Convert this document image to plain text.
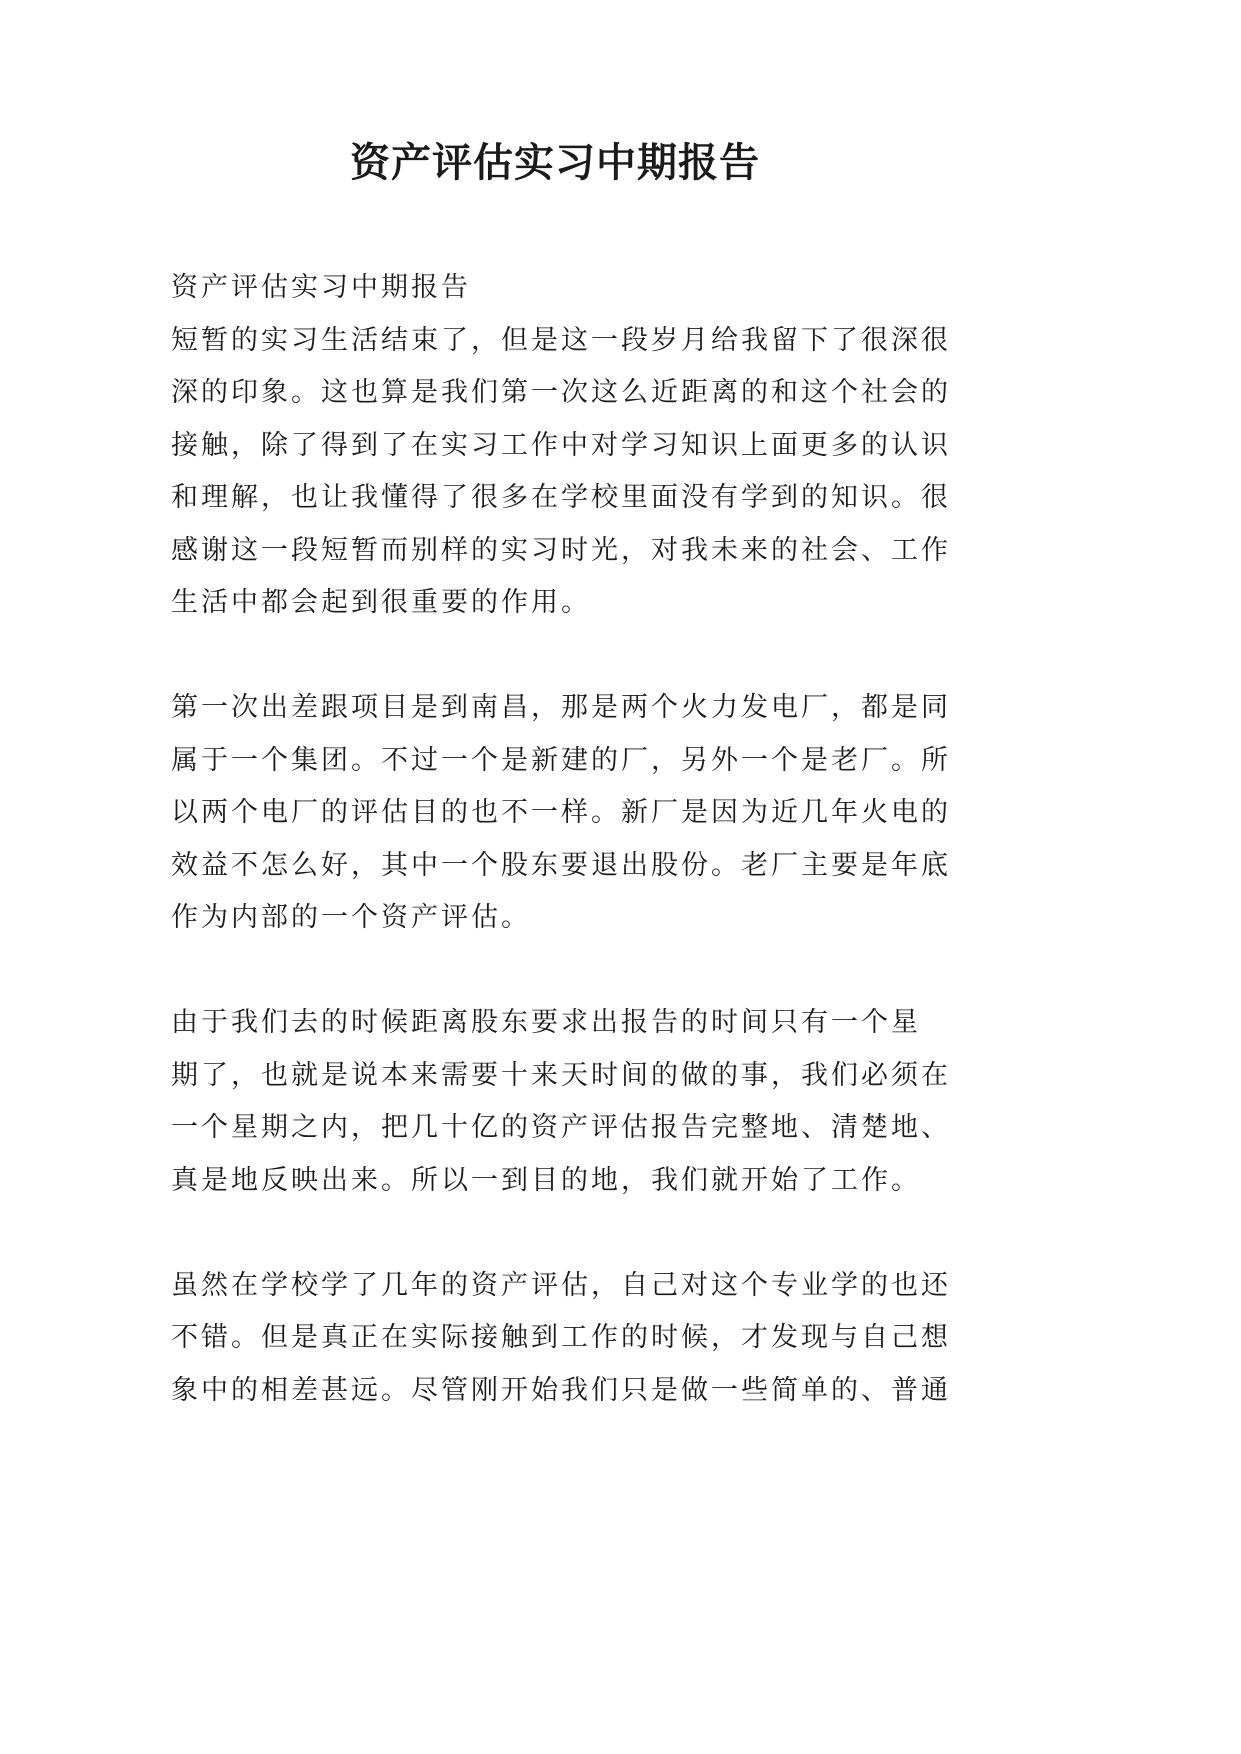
资产评估实习中期报告
资产评估实习中期报告
短暂的实习生活结束了，但是这一段岁月给我留下了很深很
深的印象。这也算是我们第一次这么近距离的和这个社会的
接触，除了得到了在实习工作中对学习知识上面更多的认识
和理解，也让我懂得了很多在学校里面没有学到的知识。很
感谢这一段短暂而别样的实习时光，对我未来的社会、工作
生活中都会起到很重要的作用。
第一次出差跟项目是到南昌，那是两个火力发电厂，都是同
属于一个集团。不过一个是新建的厂，另外一个是老厂。所
以两个电厂的评估目的也不一样。新厂是因为近几年火电的
效益不怎么好，其中一个股东要退出股份。老厂主要是年底
作为内部的一个资产评估。
由于我们去的时候距离股东要求出报告的时间只有一个星
期了，也就是说本来需要十来天时间的做的事，我们必须在
一个星期之内，把几十亿的资产评估报告完整地、清楚地、
真是地反映出来。所以一到目的地，我们就开始了工作。
虽然在学校学了几年的资产评估，自己对这个专业学的也还
不错。但是真正在实际接触到工作的时候，才发现与自己想
象中的相差甚远。尽管刚开始我们只是做一些简单的、普通
